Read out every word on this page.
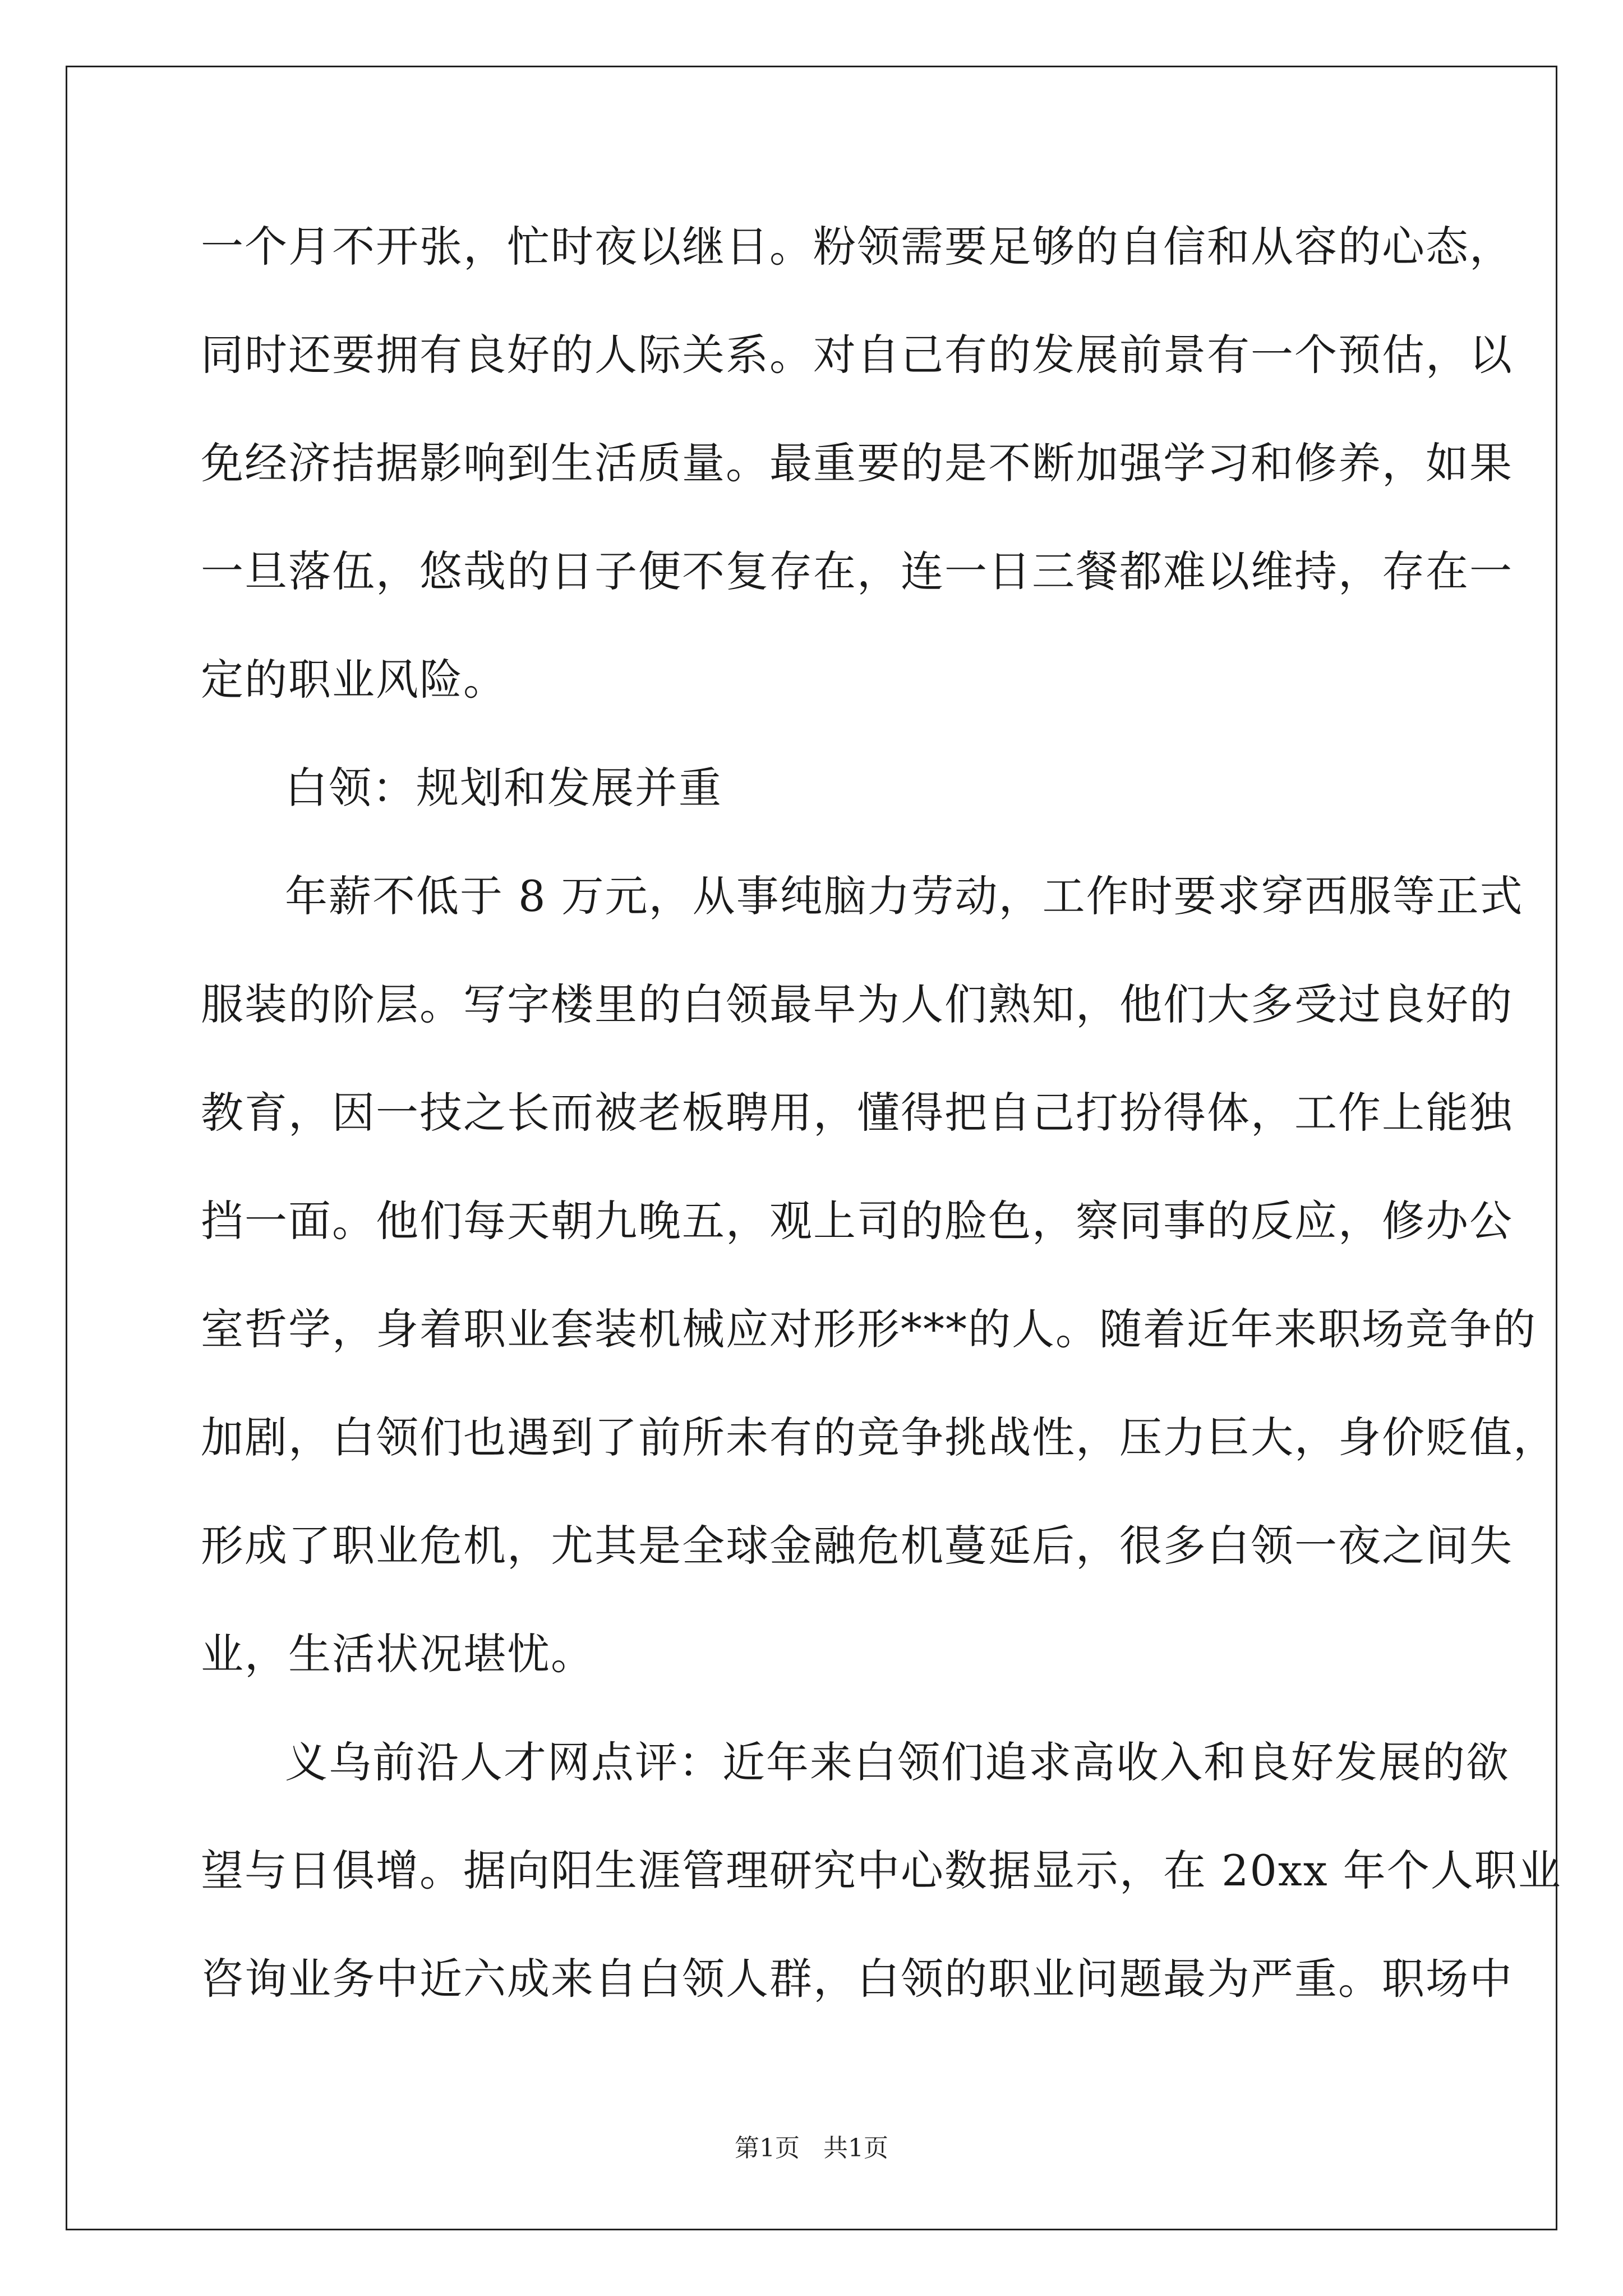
一个月不开张，忙时夜以继日。粉领需要足够的自信和从容的心态，
同时还要拥有良好的人际关系。对自己有的发展前景有一个预估，以
免经济拮据影响到生活质量。最重要的是不断加强学习和修养，如果
一旦落伍，悠哉的日子便不复存在，连一日三餐都难以维持，存在一
定的职业风险。
白领：规划和发展并重
年薪不低于 8 万元，从事纯脑力劳动，工作时要求穿西服等正式
服装的阶层。写字楼里的白领最早为人们熟知，他们大多受过良好的
教育，因一技之长而被老板聘用，懂得把自己打扮得体，工作上能独
挡一面。他们每天朝九晚五，观上司的脸色，察同事的反应，修办公
室哲学，身着职业套装机械应对形形***的人。随着近年来职场竞争的
加剧，白领们也遇到了前所未有的竞争挑战性，压力巨大，身价贬值，
形成了职业危机，尤其是全球金融危机蔓延后，很多白领一夜之间失
业，生活状况堪忧。
义乌前沿人才网点评：近年来白领们追求高收入和良好发展的欲
望与日俱增。据向阳生涯管理研究中心数据显示，在 20xx 年个人职业
咨询业务中近六成来自白领人群，白领的职业问题最为严重。职场中
第1页   共1页
